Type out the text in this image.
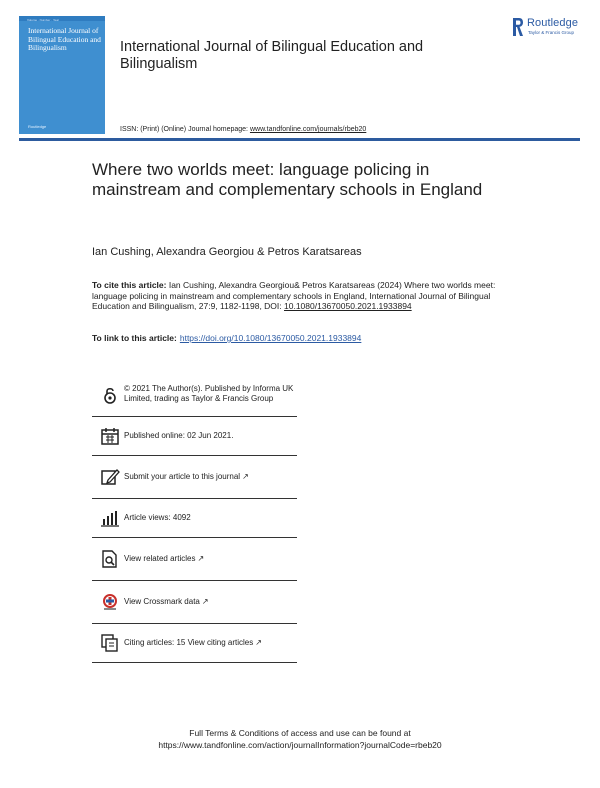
Volume · Number · Year
International Journal of Bilingual Education and Bilingualism
Routledge
Routledge
Taylor & Francis Group
International Journal of Bilingual Education and Bilingualism
ISSN: (Print) (Online) Journal homepage: www.tandfonline.com/journals/rbeb20
Where two worlds meet: language policing in mainstream and complementary schools in England
Ian Cushing, Alexandra Georgiou & Petros Karatsareas
To cite this article: Ian Cushing, Alexandra Georgiou& Petros Karatsareas (2024) Where two worlds meet: language policing in mainstream and complementary schools in England, International Journal of Bilingual Education and Bilingualism, 27:9, 1182-1198, DOI: 10.1080/13670050.2021.1933894
To link to this article: https://doi.org/10.1080/13670050.2021.1933894
© 2021 The Author(s). Published by Informa UK Limited, trading as Taylor & Francis Group
Published online: 02 Jun 2021.
Submit your article to this journal ↗
Article views: 4092
View related articles ↗
View Crossmark data ↗
Citing articles: 15 View citing articles ↗
Full Terms & Conditions of access and use can be found at
https://www.tandfonline.com/action/journalInformation?journalCode=rbeb20
